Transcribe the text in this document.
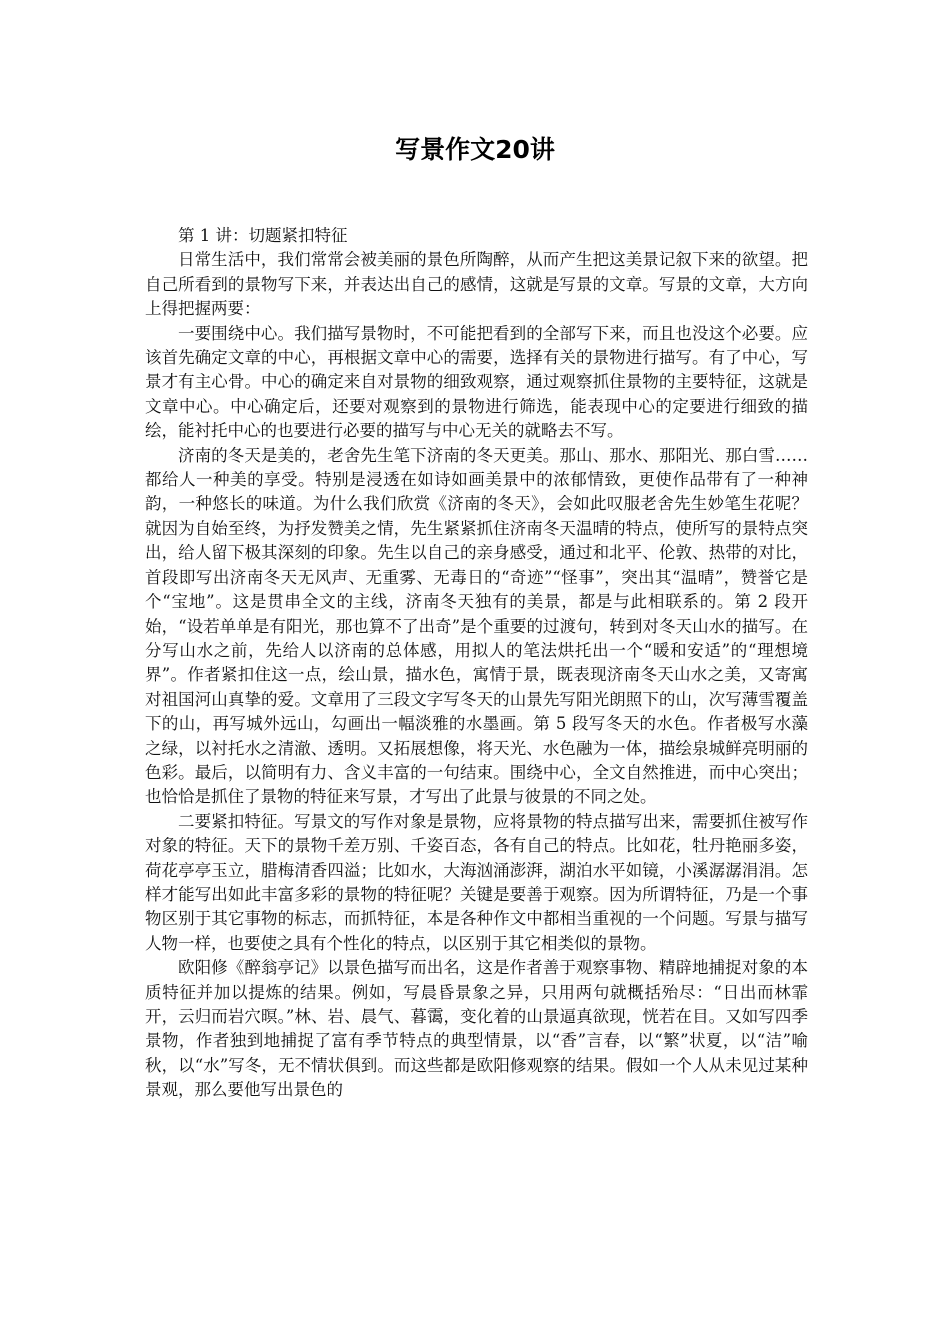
写景作文20讲

第 1 讲：切题紧扣特征

日常生活中，我们常常会被美丽的景色所陶醉，从而产生把这美景记叙下来的欲望。把自己所看到的景物写下来，并表达出自己的感情，这就是写景的文章。写景的文章，大方向上得把握两要：

一要围绕中心。我们描写景物时，不可能把看到的全部写下来，而且也没这个必要。应该首先确定文章的中心，再根据文章中心的需要，选择有关的景物进行描写。有了中心，写景才有主心骨。中心的确定来自对景物的细致观察，通过观察抓住景物的主要特征，这就是文章中心。中心确定后，还要对观察到的景物进行筛选，能表现中心的定要进行细致的描绘，能衬托中心的也要进行必要的描写与中心无关的就略去不写。

济南的冬天是美的，老舍先生笔下济南的冬天更美。那山、那水、那阳光、那白雪……都给人一种美的享受。特别是浸透在如诗如画美景中的浓郁情致，更使作品带有了一种神韵，一种悠长的味道。为什么我们欣赏《济南的冬天》，会如此叹服老舍先生妙笔生花呢？就因为自始至终，为抒发赞美之情，先生紧紧抓住济南冬天温晴的特点，使所写的景特点突出，给人留下极其深刻的印象。先生以自己的亲身感受，通过和北平、伦敦、热带的对比，首段即写出济南冬天无风声、无重雾、无毒日的“奇迹”“怪事”，突出其“温晴”，赞誉它是个“宝地”。这是贯串全文的主线，济南冬天独有的美景，都是与此相联系的。第 2 段开始，“设若单单是有阳光，那也算不了出奇”是个重要的过渡句，转到对冬天山水的描写。在分写山水之前，先给人以济南的总体感，用拟人的笔法烘托出一个“暖和安适”的“理想境界”。作者紧扣住这一点，绘山景，描水色，寓情于景，既表现济南冬天山水之美，又寄寓对祖国河山真挚的爱。文章用了三段文字写冬天的山景先写阳光朗照下的山，次写薄雪覆盖下的山，再写城外远山，勾画出一幅淡雅的水墨画。第 5 段写冬天的水色。作者极写水藻之绿，以衬托水之清澈、透明。又拓展想像，将天光、水色融为一体，描绘泉城鲜亮明丽的色彩。最后，以简明有力、含义丰富的一句结束。围绕中心，全文自然推进，而中心突出；也恰恰是抓住了景物的特征来写景，才写出了此景与彼景的不同之处。

二要紧扣特征。写景文的写作对象是景物，应将景物的特点描写出来，需要抓住被写作对象的特征。天下的景物千差万别、千姿百态，各有自己的特点。比如花，牡丹艳丽多姿，荷花亭亭玉立，腊梅清香四溢；比如水，大海汹涌澎湃，湖泊水平如镜，小溪潺潺涓涓。怎样才能写出如此丰富多彩的景物的特征呢？关键是要善于观察。因为所谓特征，乃是一个事物区别于其它事物的标志，而抓特征，本是各种作文中都相当重视的一个问题。写景与描写人物一样，也要使之具有个性化的特点，以区别于其它相类似的景物。

欧阳修《醉翁亭记》以景色描写而出名，这是作者善于观察事物、精辟地捕捉对象的本质特征并加以提炼的结果。例如，写晨昏景象之异，只用两句就概括殆尽：“日出而林霏开，云归而岩穴暝。”林、岩、晨气、暮霭，变化着的山景逼真欲现，恍若在目。又如写四季景物，作者独到地捕捉了富有季节特点的典型情景，以“香”言春，以“繁”状夏，以“洁”喻秋，以“水”写冬，无不情状俱到。而这些都是欧阳修观察的结果。假如一个人从未见过某种景观，那么要他写出景色的
